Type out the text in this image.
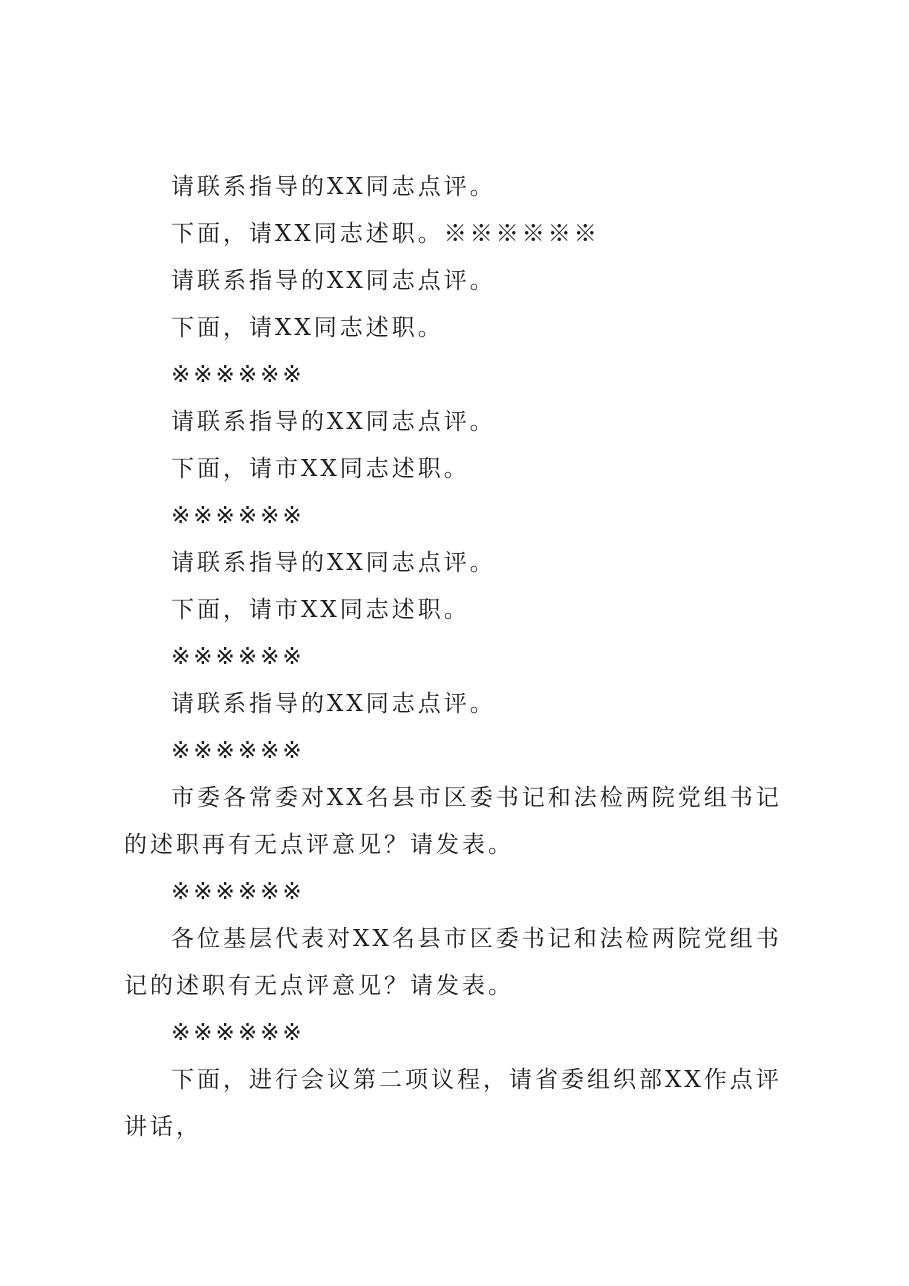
请联系指导的XX同志点评。

下面，请XX同志述职。※※※※※※

请联系指导的XX同志点评。

下面，请XX同志述职。

※※※※※※

请联系指导的XX同志点评。

下面，请市XX同志述职。

※※※※※※

请联系指导的XX同志点评。

下面，请市XX同志述职。

※※※※※※

请联系指导的XX同志点评。

※※※※※※

市委各常委对XX名县市区委书记和法检两院党组书记的述职再有无点评意见？请发表。

※※※※※※

各位基层代表对XX名县市区委书记和法检两院党组书记的述职有无点评意见？请发表。

※※※※※※

下面，进行会议第二项议程，请省委组织部XX作点评讲话，
